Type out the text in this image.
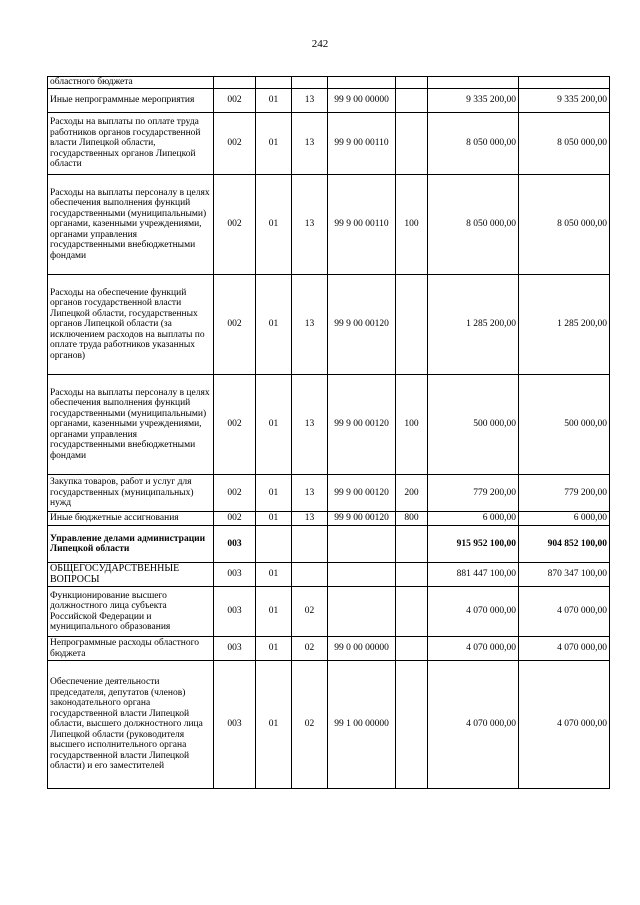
242
областного бюджета							
Иные непрограммные мероприятия	002	01	13	99 9 00 00000		9 335 200,00	9 335 200,00
Расходы на выплаты по оплате труда работников органов государственной власти Липецкой области, государственных органов Липецкой области	002	01	13	99 9 00 00110		8 050 000,00	8 050 000,00
Расходы на выплаты персоналу в целях обеспечения выполнения функций государственными (муниципальными) органами, казенными учреждениями, органами управления государственными внебюджетными фондами	002	01	13	99 9 00 00110	100	8 050 000,00	8 050 000,00
Расходы на обеспечение функций органов государственной власти Липецкой области, государственных органов Липецкой области (за исключением расходов на выплаты по оплате труда работников указанных органов)	002	01	13	99 9 00 00120		1 285 200,00	1 285 200,00
Расходы на выплаты персоналу в целях обеспечения выполнения функций государственными (муниципальными) органами, казенными учреждениями, органами управления государственными внебюджетными фондами	002	01	13	99 9 00 00120	100	500 000,00	500 000,00
Закупка товаров, работ и услуг для государственных (муниципальных) нужд	002	01	13	99 9 00 00120	200	779 200,00	779 200,00
Иные бюджетные ассигнования	002	01	13	99 9 00 00120	800	6 000,00	6 000,00
Управление делами администрации Липецкой области	003					915 952 100,00	904 852 100,00
ОБЩЕГОСУДАРСТВЕННЫЕ ВОПРОСЫ	003	01				881 447 100,00	870 347 100,00
Функционирование высшего должностного лица субъекта Российской Федерации и муниципального образования	003	01	02			4 070 000,00	4 070 000,00
Непрограммные расходы областного бюджета	003	01	02	99 0 00 00000		4 070 000,00	4 070 000,00
Обеспечение деятельности председателя, депутатов (членов) законодательного органа государственной власти Липецкой области, высшего должностного лица Липецкой области (руководителя высшего исполнительного органа государственной власти Липецкой области) и его заместителей	003	01	02	99 1 00 00000		4 070 000,00	4 070 000,00
